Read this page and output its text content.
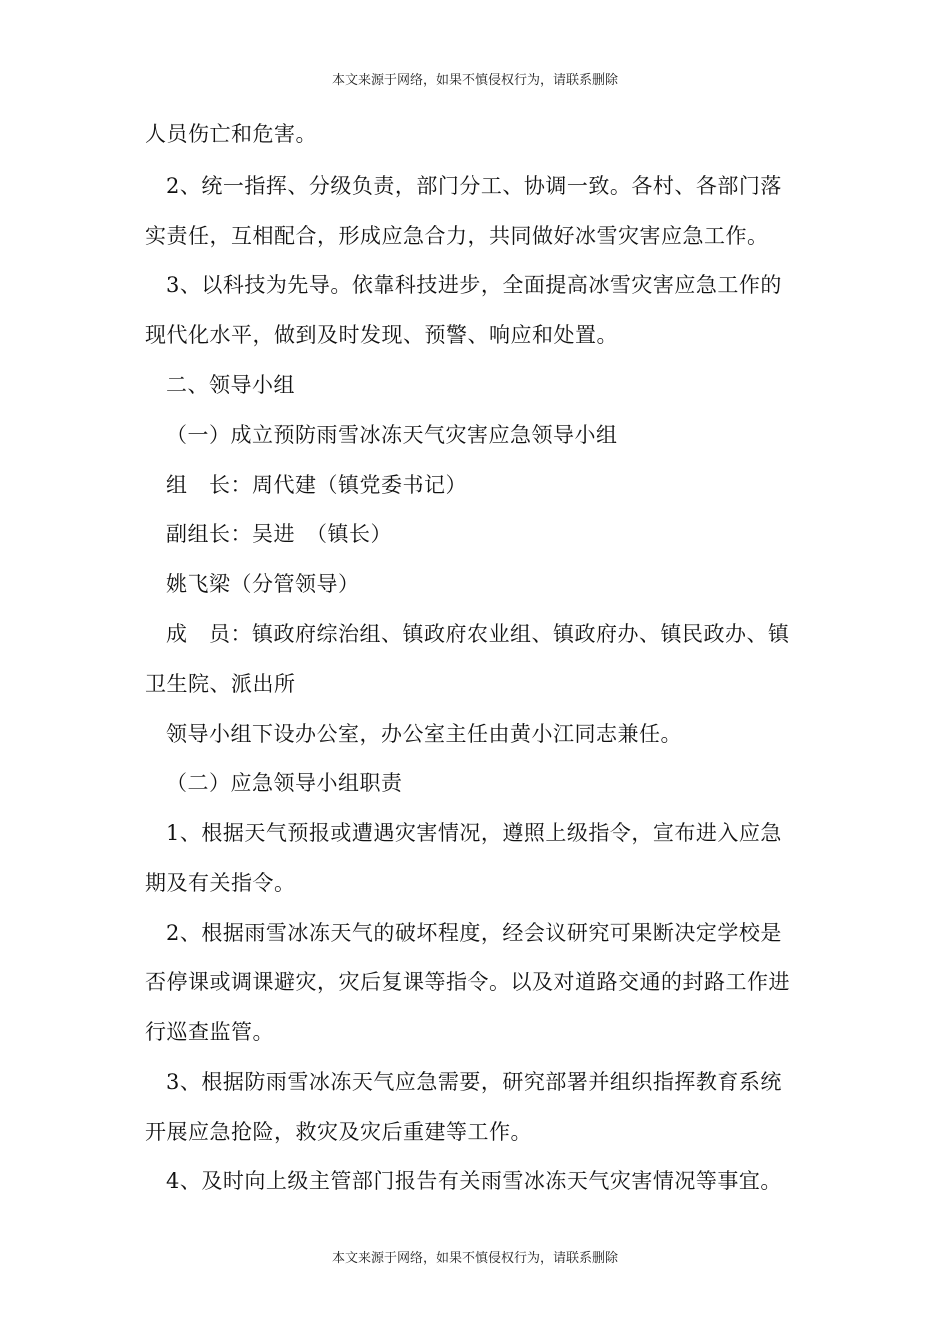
本文来源于网络，如果不慎侵权行为，请联系删除
人员伤亡和危害。
2、统一指挥、分级负责，部门分工、协调一致。各村、各部门落
实责任，互相配合，形成应急合力，共同做好冰雪灾害应急工作。
3、以科技为先导。依靠科技进步，全面提高冰雪灾害应急工作的
现代化水平，做到及时发现、预警、响应和处置。
二、领导小组
（一）成立预防雨雪冰冻天气灾害应急领导小组
组　长：周代建（镇党委书记）
副组长：吴进　（镇长）
姚飞梁（分管领导）
成　员：镇政府综治组、镇政府农业组、镇政府办、镇民政办、镇
卫生院、派出所
领导小组下设办公室，办公室主任由黄小江同志兼任。
（二）应急领导小组职责
1、根据天气预报或遭遇灾害情况，遵照上级指令，宣布进入应急
期及有关指令。
2、根据雨雪冰冻天气的破坏程度，经会议研究可果断决定学校是
否停课或调课避灾，灾后复课等指令。以及对道路交通的封路工作进
行巡查监管。
3、根据防雨雪冰冻天气应急需要，研究部署并组织指挥教育系统
开展应急抢险，救灾及灾后重建等工作。
4、及时向上级主管部门报告有关雨雪冰冻天气灾害情况等事宜。
本文来源于网络，如果不慎侵权行为，请联系删除
